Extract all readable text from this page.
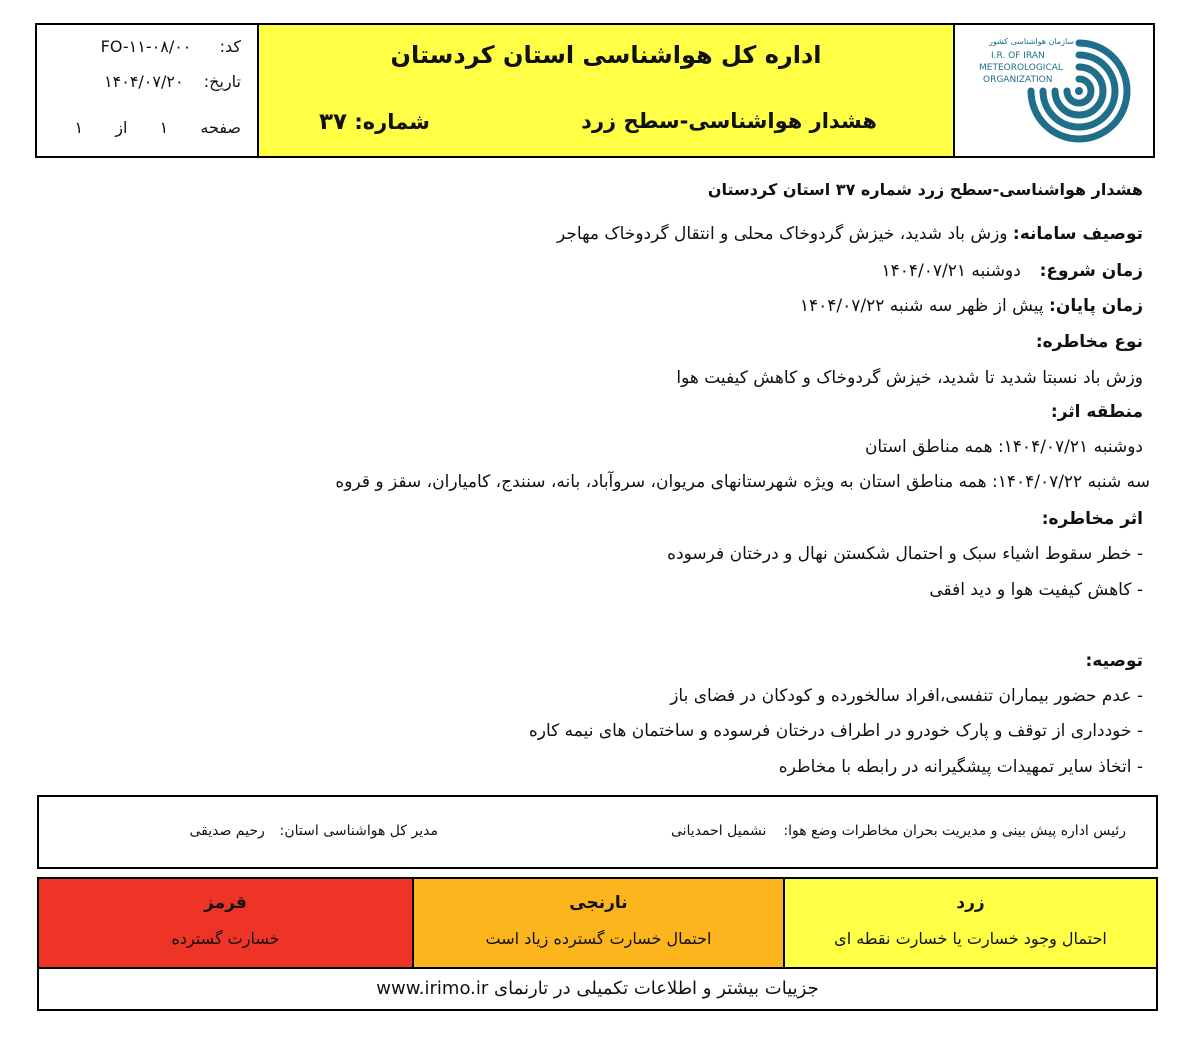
کد:  FO-۱۱-۰۸/۰۰
تاریخ:  ۱۴۰۴/۰۷/۲۰
صفحه  ۱  از  ۱
اداره کل هواشناسی استان کردستان
هشدار هواشناسی-سطح زرد
شماره: ۳۷
سازمان هواشناسی کشور
I.R. OF IRAN
METEOROLOGICAL
ORGANIZATION
هشدار هواشناسی-سطح زرد شماره ۳۷ استان کردستان
توصیف سامانه: وزش باد شدید، خیزش گردوخاک محلی و انتقال گردوخاک مهاجر
زمان شروع:  دوشنبه ۱۴۰۴/۰۷/۲۱
زمان پایان: پیش از ظهر سه شنبه ۱۴۰۴/۰۷/۲۲
نوع مخاطره:
وزش باد نسبتا شدید تا شدید، خیزش گردوخاک و کاهش کیفیت هوا
منطقه اثر:
دوشنبه ۱۴۰۴/۰۷/۲۱: همه مناطق استان
سه شنبه ۱۴۰۴/۰۷/۲۲: همه مناطق استان به ویژه شهرستانهای مریوان، سروآباد، بانه، سنندج، کامیاران، سقز و قروه
اثر مخاطره:
- خطر سقوط اشیاء سبک و احتمال شکستن نهال و درختان فرسوده
- کاهش کیفیت هوا و دید افقی
توصیه:
- عدم حضور بیماران تنفسی،افراد سالخورده و کودکان در فضای باز
- خودداری از توقف و پارک خودرو در اطراف درختان فرسوده و ساختمان های نیمه کاره
- اتخاذ سایر تمهیدات پیشگیرانه در رابطه با مخاطره
رئیس اداره پیش بینی و مدیریت بحران مخاطرات وضع هوا:  نشمیل احمدیانی
مدیر کل هواشناسی استان:  رحیم صدیقی
زرد
احتمال وجود خسارت یا خسارت نقطه ای
نارنجی
احتمال خسارت گسترده زیاد است
قرمز
خسارت گسترده
جزییات بیشتر و اطلاعات تکمیلی در تارنمای www.irimo.ir
